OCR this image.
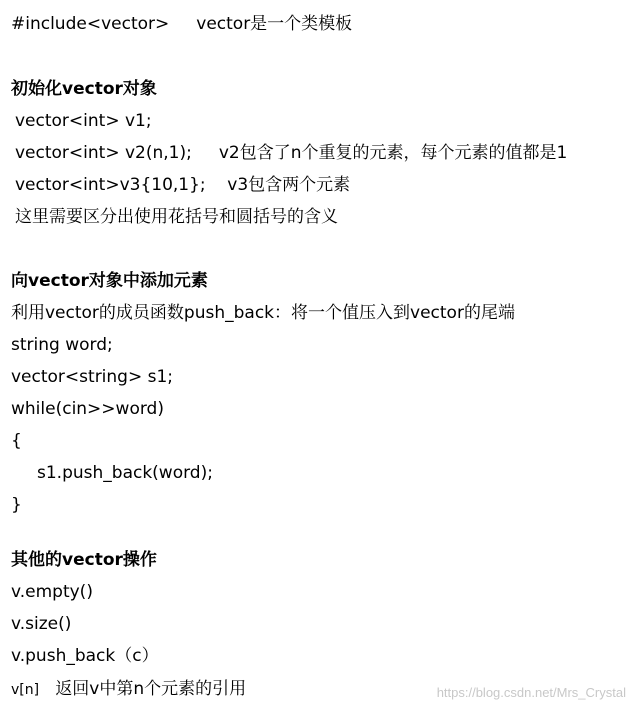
#include<vector>     vector是一个类模板
初始化vector对象
vector<int> v1;
vector<int> v2(n,1);     v2包含了n个重复的元素，每个元素的值都是1
vector<int>v3{10,1};    v3包含两个元素
这里需要区分出使用花括号和圆括号的含义
向vector对象中添加元素
利用vector的成员函数push_back：将一个值压入到vector的尾端
string word;
vector<string> s1;
while(cin>>word)
{
s1.push_back(word);
}
其他的vector操作
v.empty()
v.size()
v.push_back（c）
v[n] 返回v中第n个元素的引用	https://blog.csdn.net/Mrs_Crystal
